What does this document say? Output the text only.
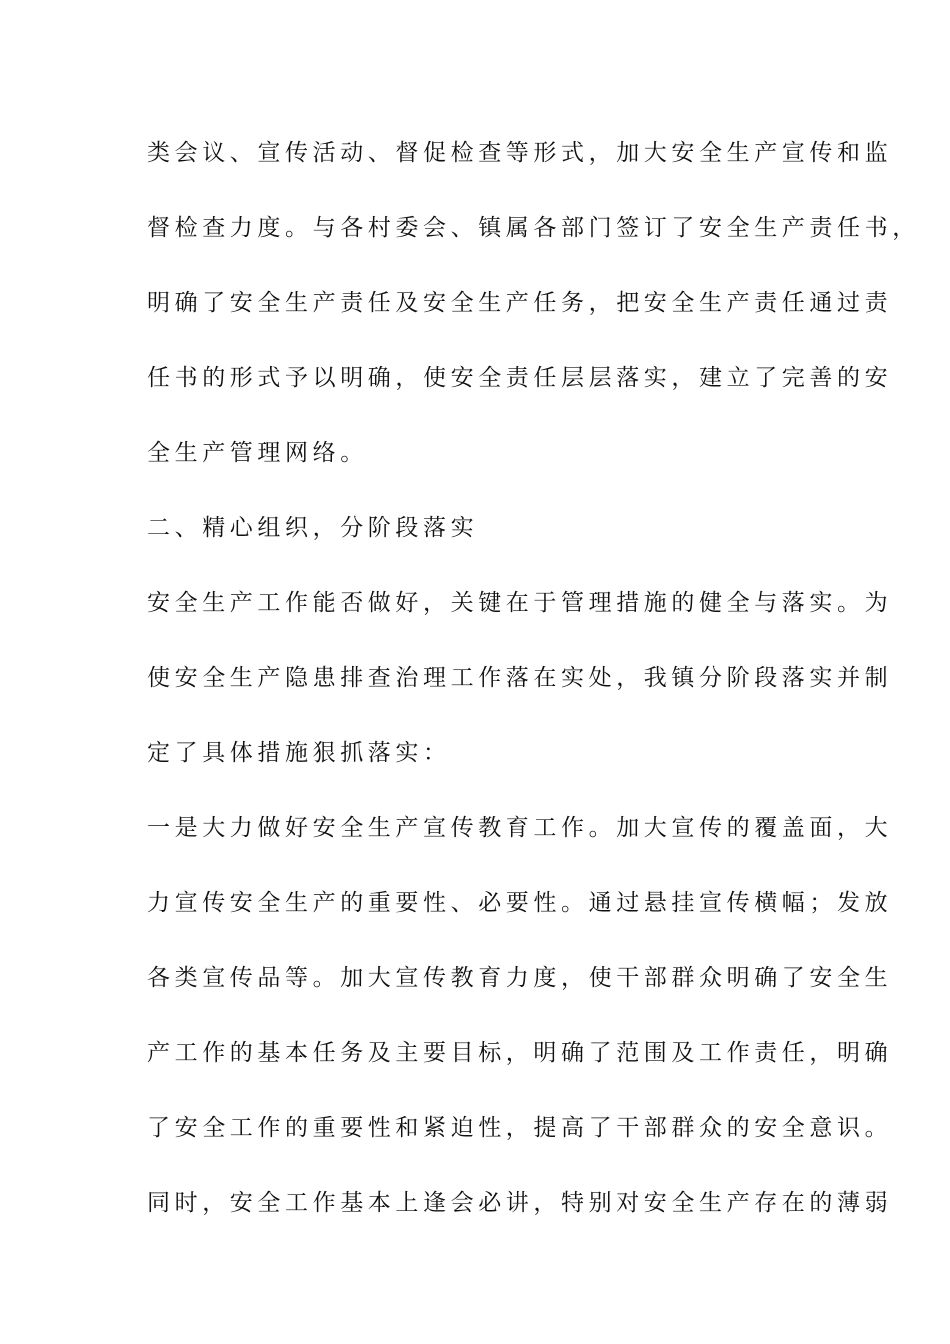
类会议、宣传活动、督促检查等形式，加大安全生产宣传和监
督检查力度。与各村委会、镇属各部门签订了安全生产责任书，
明确了安全生产责任及安全生产任务，把安全生产责任通过责
任书的形式予以明确，使安全责任层层落实，建立了完善的安
全生产管理网络。
二、精心组织，分阶段落实
安全生产工作能否做好，关键在于管理措施的健全与落实。为
使安全生产隐患排查治理工作落在实处，我镇分阶段落实并制
定了具体措施狠抓落实：
一是大力做好安全生产宣传教育工作。加大宣传的覆盖面，大
力宣传安全生产的重要性、必要性。通过悬挂宣传横幅；发放
各类宣传品等。加大宣传教育力度，使干部群众明确了安全生
产工作的基本任务及主要目标，明确了范围及工作责任，明确
了安全工作的重要性和紧迫性，提高了干部群众的安全意识。
同时，安全工作基本上逢会必讲，特别对安全生产存在的薄弱
